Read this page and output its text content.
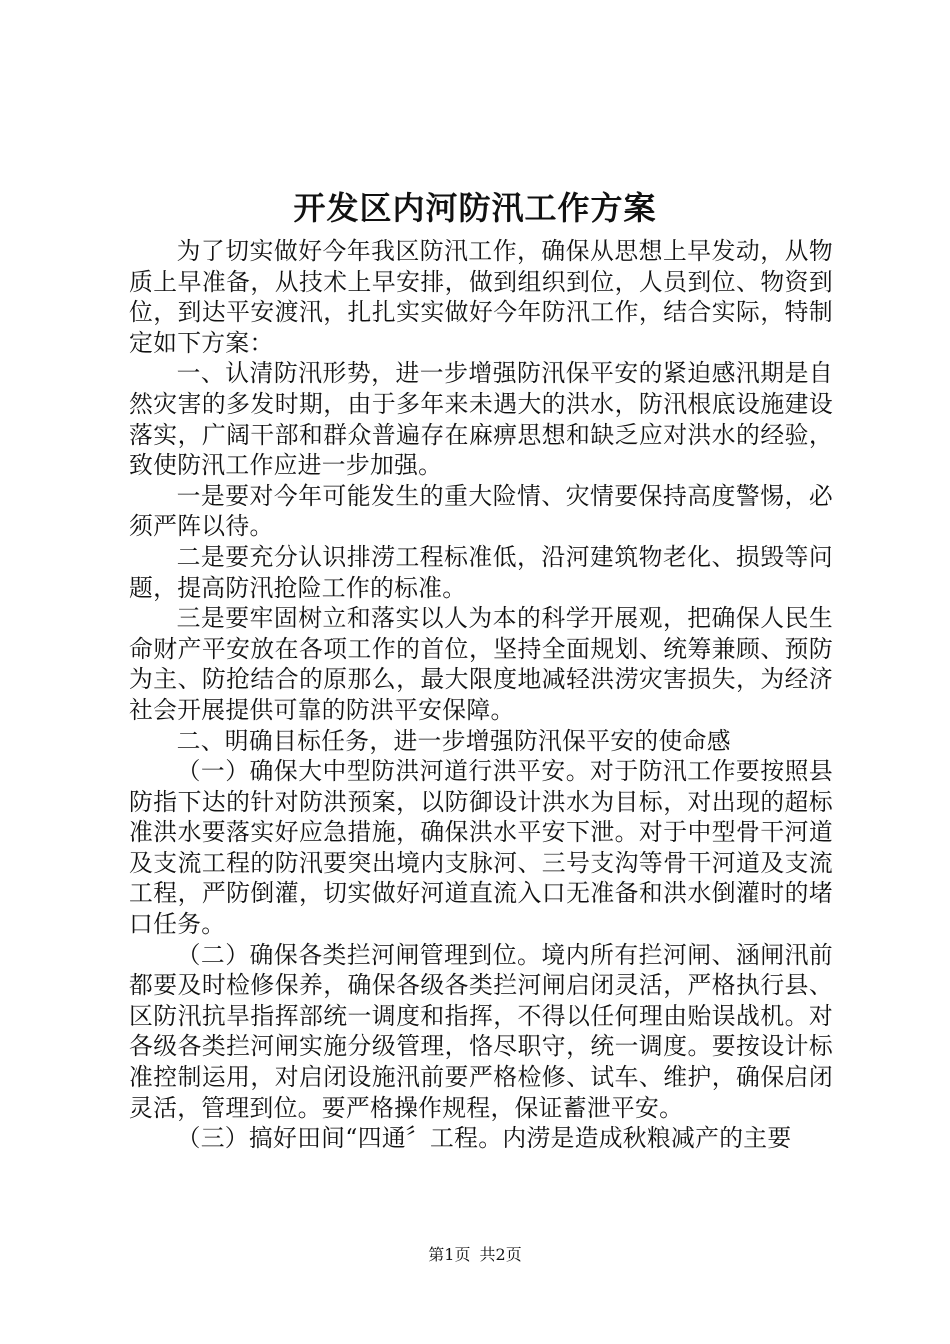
开发区内河防汛工作方案

为了切实做好今年我区防汛工作，确保从思想上早发动，从物质上早准备，从技术上早安排，做到组织到位，人员到位、物资到位，到达平安渡汛，扎扎实实做好今年防汛工作，结合实际，特制定如下方案：

一、认清防汛形势，进一步增强防汛保平安的紧迫感汛期是自然灾害的多发时期，由于多年来未遇大的洪水，防汛根底设施建设落实，广阔干部和群众普遍存在麻痹思想和缺乏应对洪水的经验，致使防汛工作应进一步加强。

一是要对今年可能发生的重大险情、灾情要保持高度警惕，必须严阵以待。

二是要充分认识排涝工程标准低，沿河建筑物老化、损毁等问题，提高防汛抢险工作的标准。

三是要牢固树立和落实以人为本的科学开展观，把确保人民生命财产平安放在各项工作的首位，坚持全面规划、统筹兼顾、预防为主、防抢结合的原那么，最大限度地减轻洪涝灾害损失，为经济社会开展提供可靠的防洪平安保障。

二、明确目标任务，进一步增强防汛保平安的使命感

（一）确保大中型防洪河道行洪平安。对于防汛工作要按照县防指下达的针对防洪预案，以防御设计洪水为目标，对出现的超标准洪水要落实好应急措施，确保洪水平安下泄。对于中型骨干河道及支流工程的防汛要突出境内支脉河、三号支沟等骨干河道及支流工程，严防倒灌，切实做好河道直流入口无准备和洪水倒灌时的堵口任务。

（二）确保各类拦河闸管理到位。境内所有拦河闸、涵闸汛前都要及时检修保养，确保各级各类拦河闸启闭灵活，严格执行县、区防汛抗旱指挥部统一调度和指挥，不得以任何理由贻误战机。对各级各类拦河闸实施分级管理，恪尽职守，统一调度。要按设计标准控制运用，对启闭设施汛前要严格检修、试车、维护，确保启闭灵活，管理到位。要严格操作规程，保证蓄泄平安。

（三）搞好田间“四通〞工程。内涝是造成秋粮减产的主要

第1页 共2页
